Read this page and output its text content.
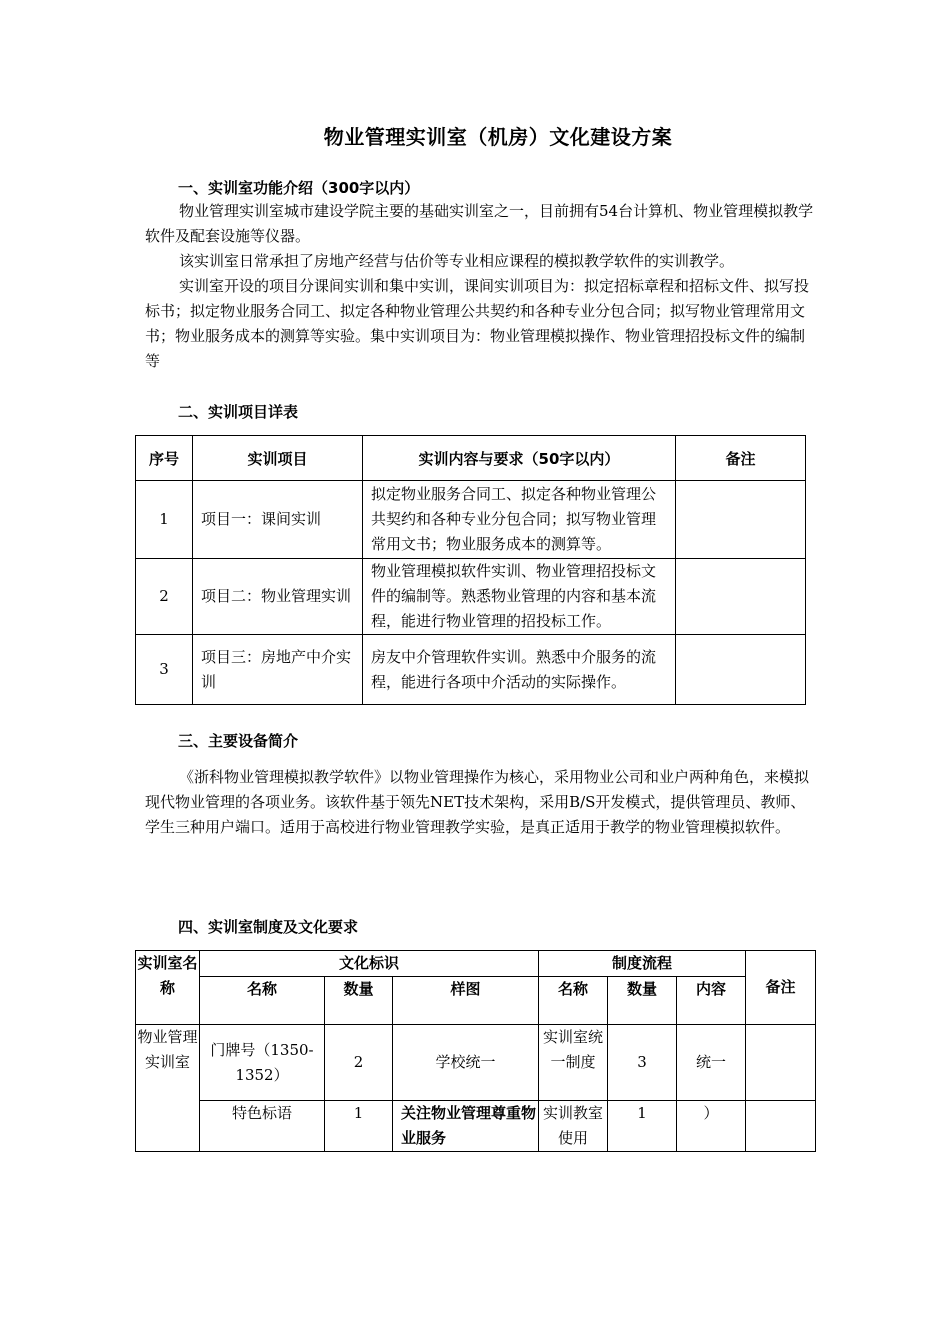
物业管理实训室（机房）文化建设方案
一、实训室功能介绍（300字以内）

物业管理实训室城市建设学院主要的基础实训室之一，目前拥有54台计算机、物业管理模拟教学软件及配套设施等仪器。

该实训室日常承担了房地产经营与估价等专业相应课程的模拟教学软件的实训教学。

实训室开设的项目分课间实训和集中实训，课间实训项目为：拟定招标章程和招标文件、拟写投标书；拟定物业服务合同工、拟定各种物业管理公共契约和各种专业分包合同；拟写物业管理常用文书；物业服务成本的测算等实验。集中实训项目为：物业管理模拟操作、物业管理招投标文件的编制等

二、实训项目详表
序号	实训项目	实训内容与要求（50字以内）	备注
1	项目一：课间实训	拟定物业服务合同工、拟定各种物业管理公共契约和各种专业分包合同；拟写物业管理常用文书；物业服务成本的测算等。	
2	项目二：物业管理实训	物业管理模拟软件实训、物业管理招投标文件的编制等。熟悉物业管理的内容和基本流程，能进行物业管理的招投标工作。	
3	项目三：房地产中介实训	房友中介管理软件实训。熟悉中介服务的流程，能进行各项中介活动的实际操作。	
三、主要设备简介

《浙科物业管理模拟教学软件》以物业管理操作为核心，采用物业公司和业户两种角色，来模拟现代物业管理的各项业务。该软件基于领先NET技术架构，采用B/S开发模式，提供管理员、教师、学生三种用户端口。适用于高校进行物业管理教学实验，是真正适用于教学的物业管理模拟软件。

四、实训室制度及文化要求
实训室名称	文化标识			制度流程			备注
	名称	数量	样图	名称	数量	内容	
物业管理实训室	门牌号（1350-1352）	2	学校统一	实训室统一制度	3	统一	
	特色标语	1	关注物业管理尊重物业服务	实训教室使用	1	）	
